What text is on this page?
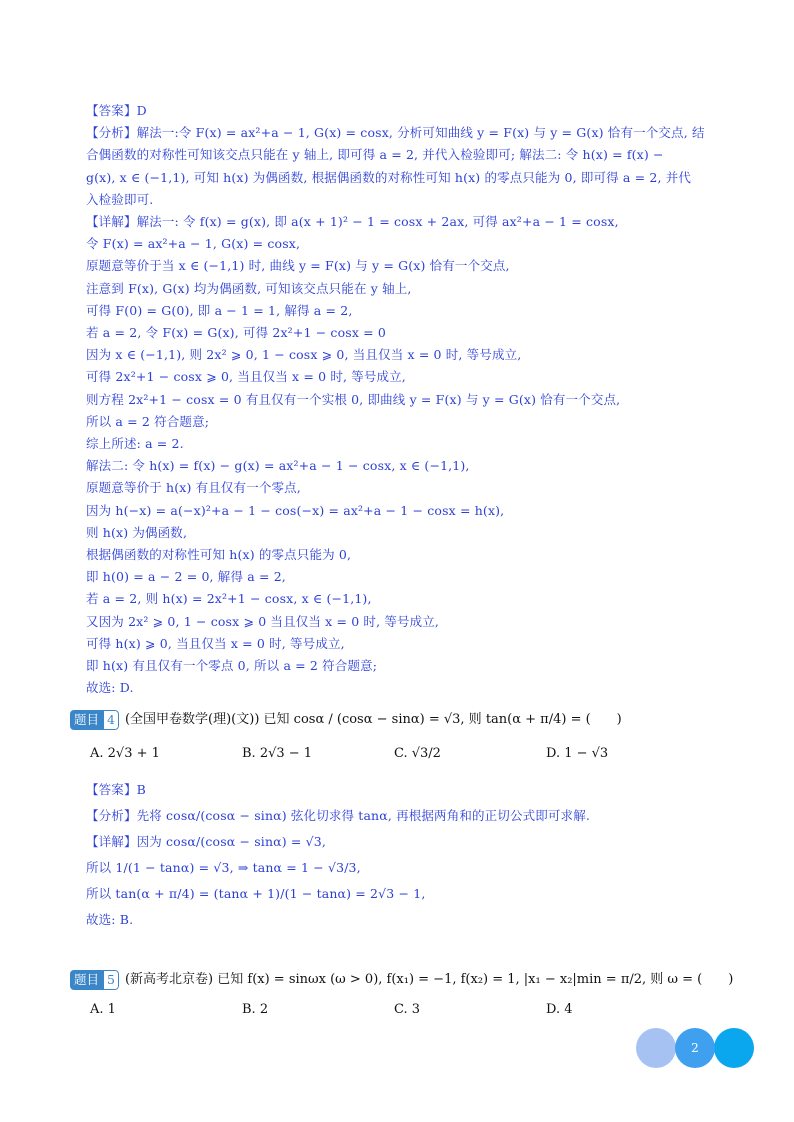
【答案】D
【分析】解法一:令 F(x) = ax²+a − 1, G(x) = cosx, 分析可知曲线 y = F(x) 与 y = G(x) 恰有一个交点, 结
合偶函数的对称性可知该交点只能在 y 轴上, 即可得 a = 2, 并代入检验即可; 解法二: 令 h(x) = f(x) −
g(x), x ∈ (−1,1), 可知 h(x) 为偶函数, 根据偶函数的对称性可知 h(x) 的零点只能为 0, 即可得 a = 2, 并代
入检验即可.
【详解】解法一: 令 f(x) = g(x), 即 a(x + 1)² − 1 = cosx + 2ax, 可得 ax²+a − 1 = cosx,
令 F(x) = ax²+a − 1, G(x) = cosx,
原题意等价于当 x ∈ (−1,1) 时, 曲线 y = F(x) 与 y = G(x) 恰有一个交点,
注意到 F(x), G(x) 均为偶函数, 可知该交点只能在 y 轴上,
可得 F(0) = G(0), 即 a − 1 = 1, 解得 a = 2,
若 a = 2, 令 F(x) = G(x), 可得 2x²+1 − cosx = 0
因为 x ∈ (−1,1), 则 2x² ⩾ 0, 1 − cosx ⩾ 0, 当且仅当 x = 0 时, 等号成立,
可得 2x²+1 − cosx ⩾ 0, 当且仅当 x = 0 时, 等号成立,
则方程 2x²+1 − cosx = 0 有且仅有一个实根 0, 即曲线 y = F(x) 与 y = G(x) 恰有一个交点,
所以 a = 2 符合题意;
综上所述: a = 2.
解法二: 令 h(x) = f(x) − g(x) = ax²+a − 1 − cosx, x ∈ (−1,1),
原题意等价于 h(x) 有且仅有一个零点,
因为 h(−x) = a(−x)²+a − 1 − cos(−x) = ax²+a − 1 − cosx = h(x),
则 h(x) 为偶函数,
根据偶函数的对称性可知 h(x) 的零点只能为 0,
即 h(0) = a − 2 = 0, 解得 a = 2,
若 a = 2, 则 h(x) = 2x²+1 − cosx, x ∈ (−1,1),
又因为 2x² ⩾ 0, 1 − cosx ⩾ 0 当且仅当 x = 0 时, 等号成立,
可得 h(x) ⩾ 0, 当且仅当 x = 0 时, 等号成立,
即 h(x) 有且仅有一个零点 0, 所以 a = 2 符合题意;
故选: D.
题目 4 (全国甲卷数学(理)(文)) 已知 cosα / (cosα − sinα) = √3, 则 tan(α + π/4) = (　　)
A. 2√3 + 1	B. 2√3 − 1	C. √3/2	D. 1 − √3
【答案】B
【分析】先将 cosα/(cosα − sinα) 弦化切求得 tanα, 再根据两角和的正切公式即可求解.
【详解】因为 cosα/(cosα − sinα) = √3,
所以 1/(1 − tanα) = √3, ⇒ tanα = 1 − √3/3,
所以 tan(α + π/4) = (tanα + 1)/(1 − tanα) = 2√3 − 1,
故选: B.
题目 5 (新高考北京卷) 已知 f(x) = sinωx (ω > 0), f(x₁) = −1, f(x₂) = 1, |x₁ − x₂|min = π/2, 则 ω = (　　)
A. 1	B. 2	C. 3	D. 4
2
